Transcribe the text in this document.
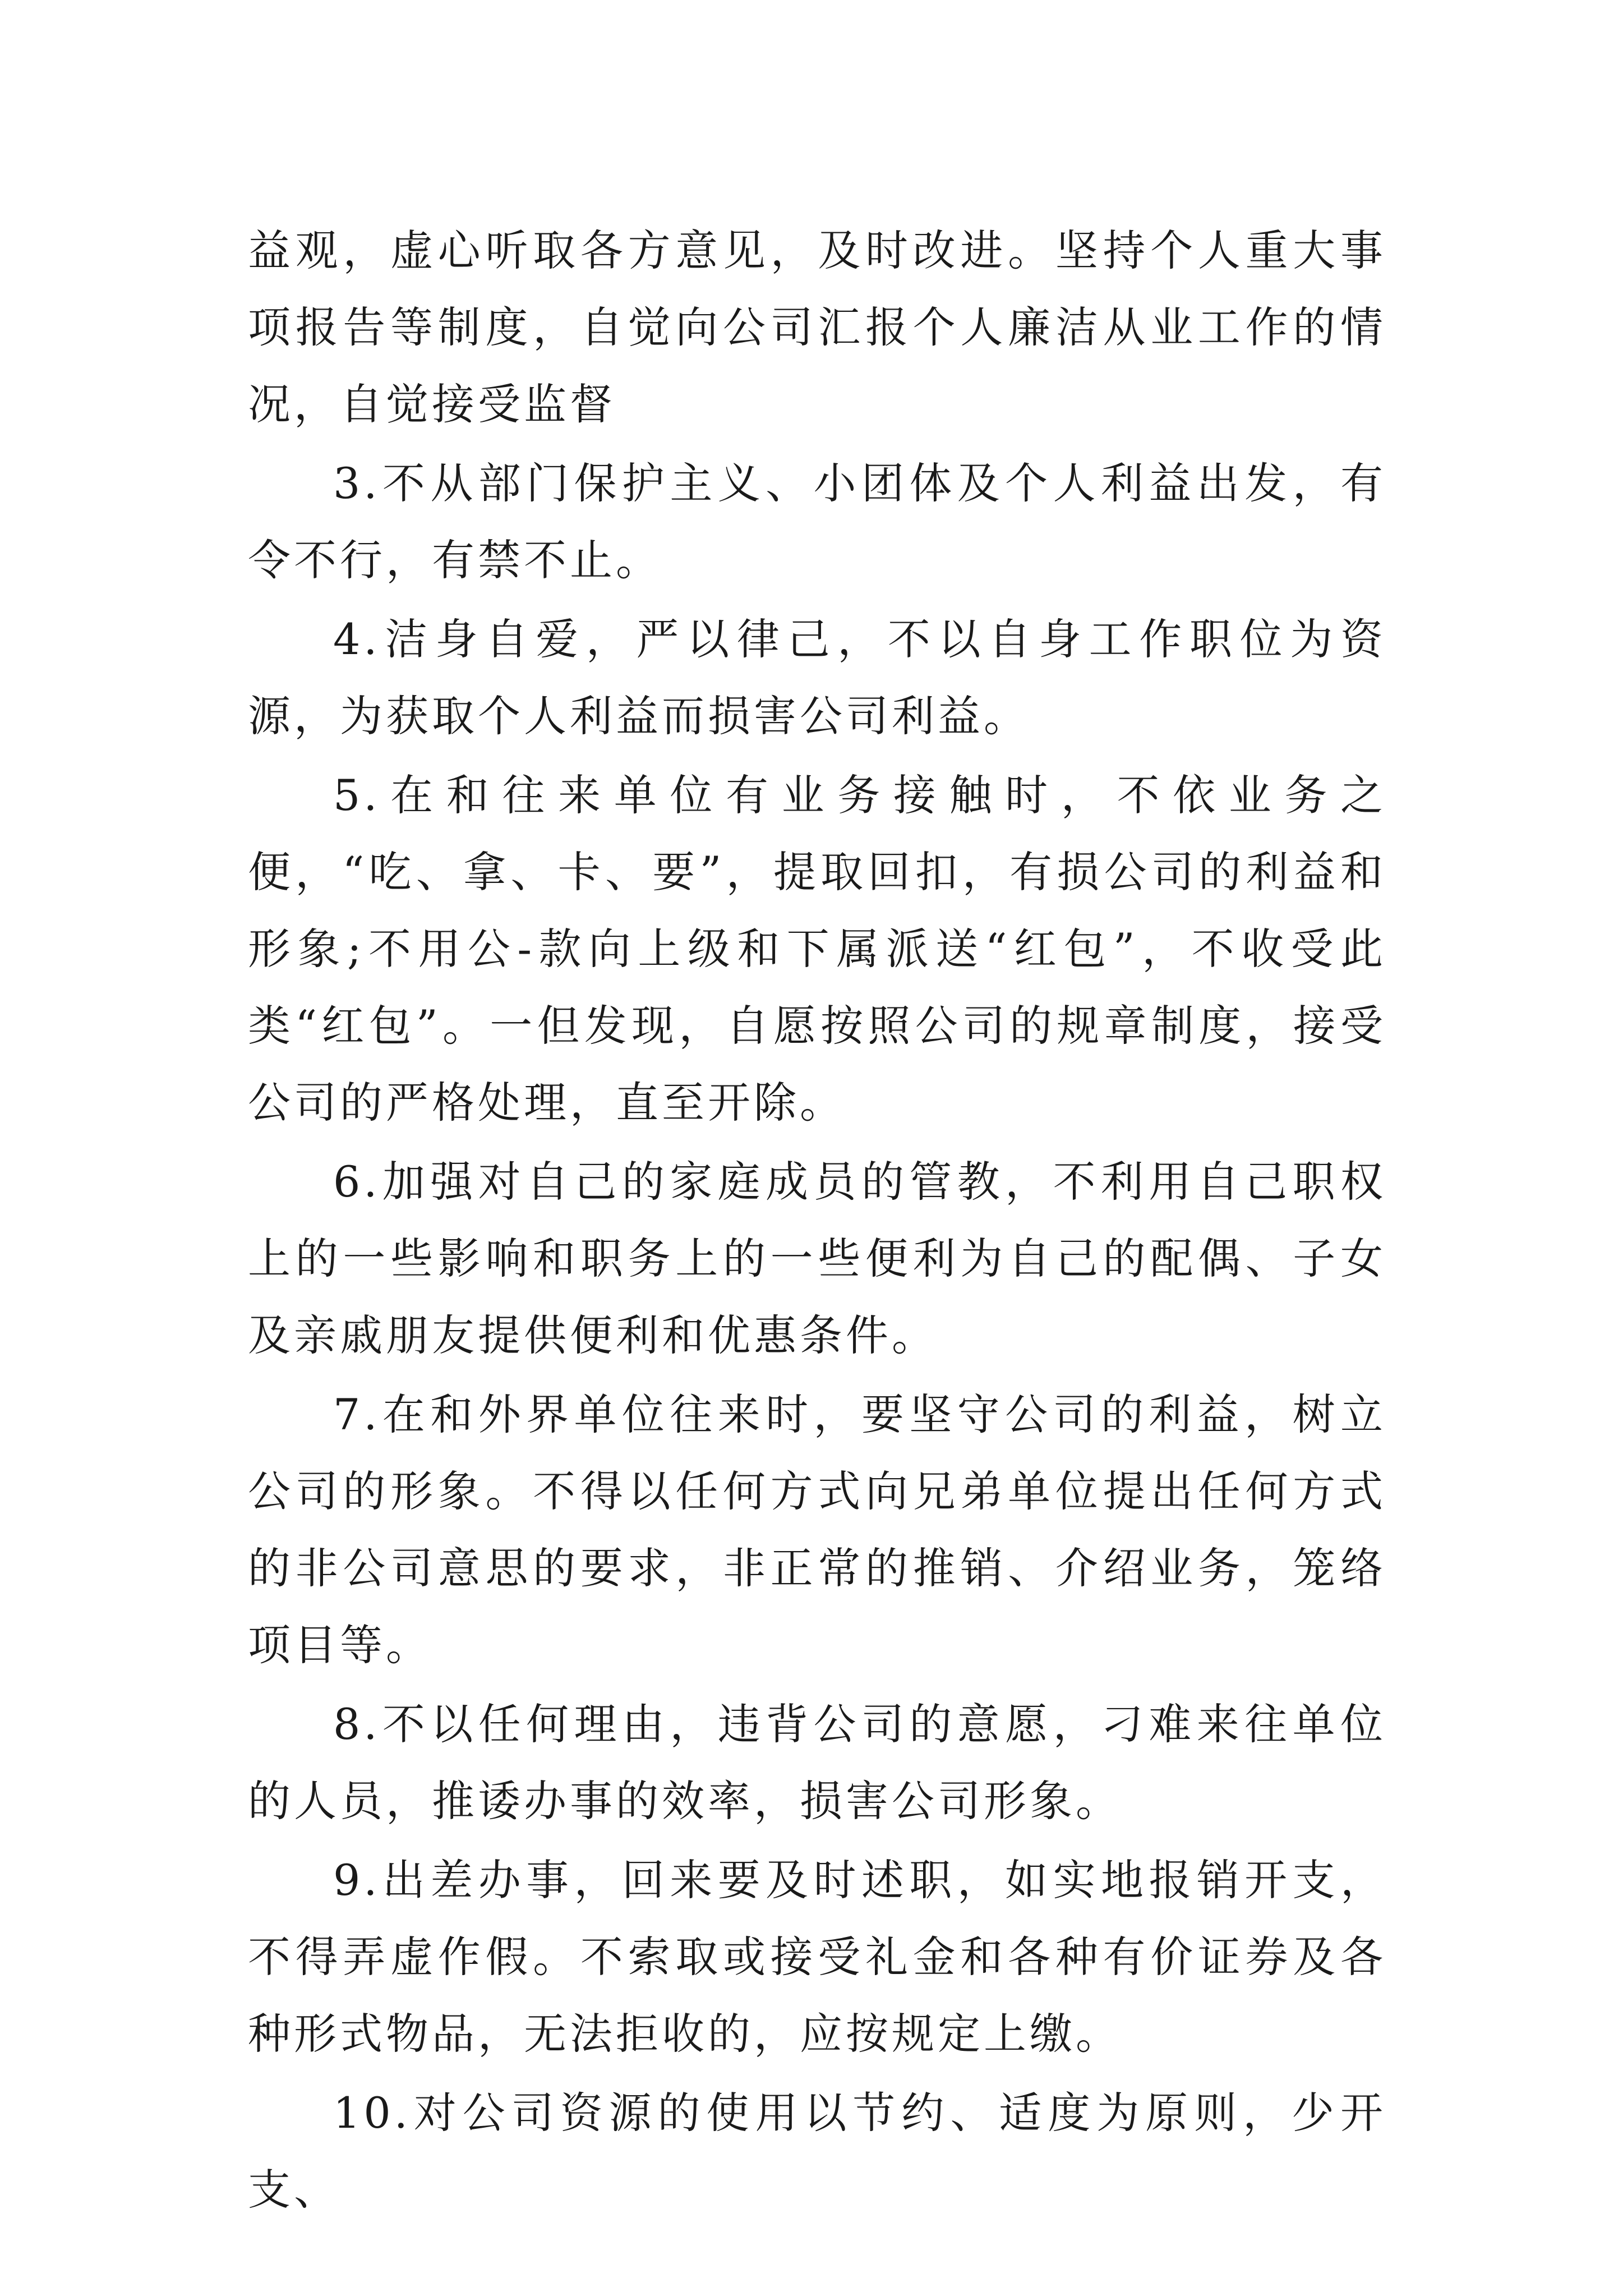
益观，虚心听取各方意见，及时改进。坚持个人重大事项报告等制度，自觉向公司汇报个人廉洁从业工作的情况，自觉接受监督

3.不从部门保护主义、小团体及个人利益出发，有令不行，有禁不止。

4.洁身自爱，严以律己，不以自身工作职位为资源，为获取个人利益而损害公司利益。

5.在和往来单位有业务接触时，不依业务之便，“吃、拿、卡、要”，提取回扣，有损公司的利益和形象;不用公-款向上级和下属派送“红包”，不收受此类“红包”。一但发现，自愿按照公司的规章制度，接受公司的严格处理，直至开除。

6.加强对自己的家庭成员的管教，不利用自己职权上的一些影响和职务上的一些便利为自己的配偶、子女及亲戚朋友提供便利和优惠条件。

7.在和外界单位往来时，要坚守公司的利益，树立公司的形象。不得以任何方式向兄弟单位提出任何方式的非公司意思的要求，非正常的推销、介绍业务，笼络项目等。

8.不以任何理由，违背公司的意愿，刁难来往单位的人员，推诿办事的效率，损害公司形象。

9.出差办事，回来要及时述职，如实地报销开支，不得弄虚作假。不索取或接受礼金和各种有价证券及各种形式物品，无法拒收的，应按规定上缴。

10.对公司资源的使用以节约、适度为原则，少开支、
